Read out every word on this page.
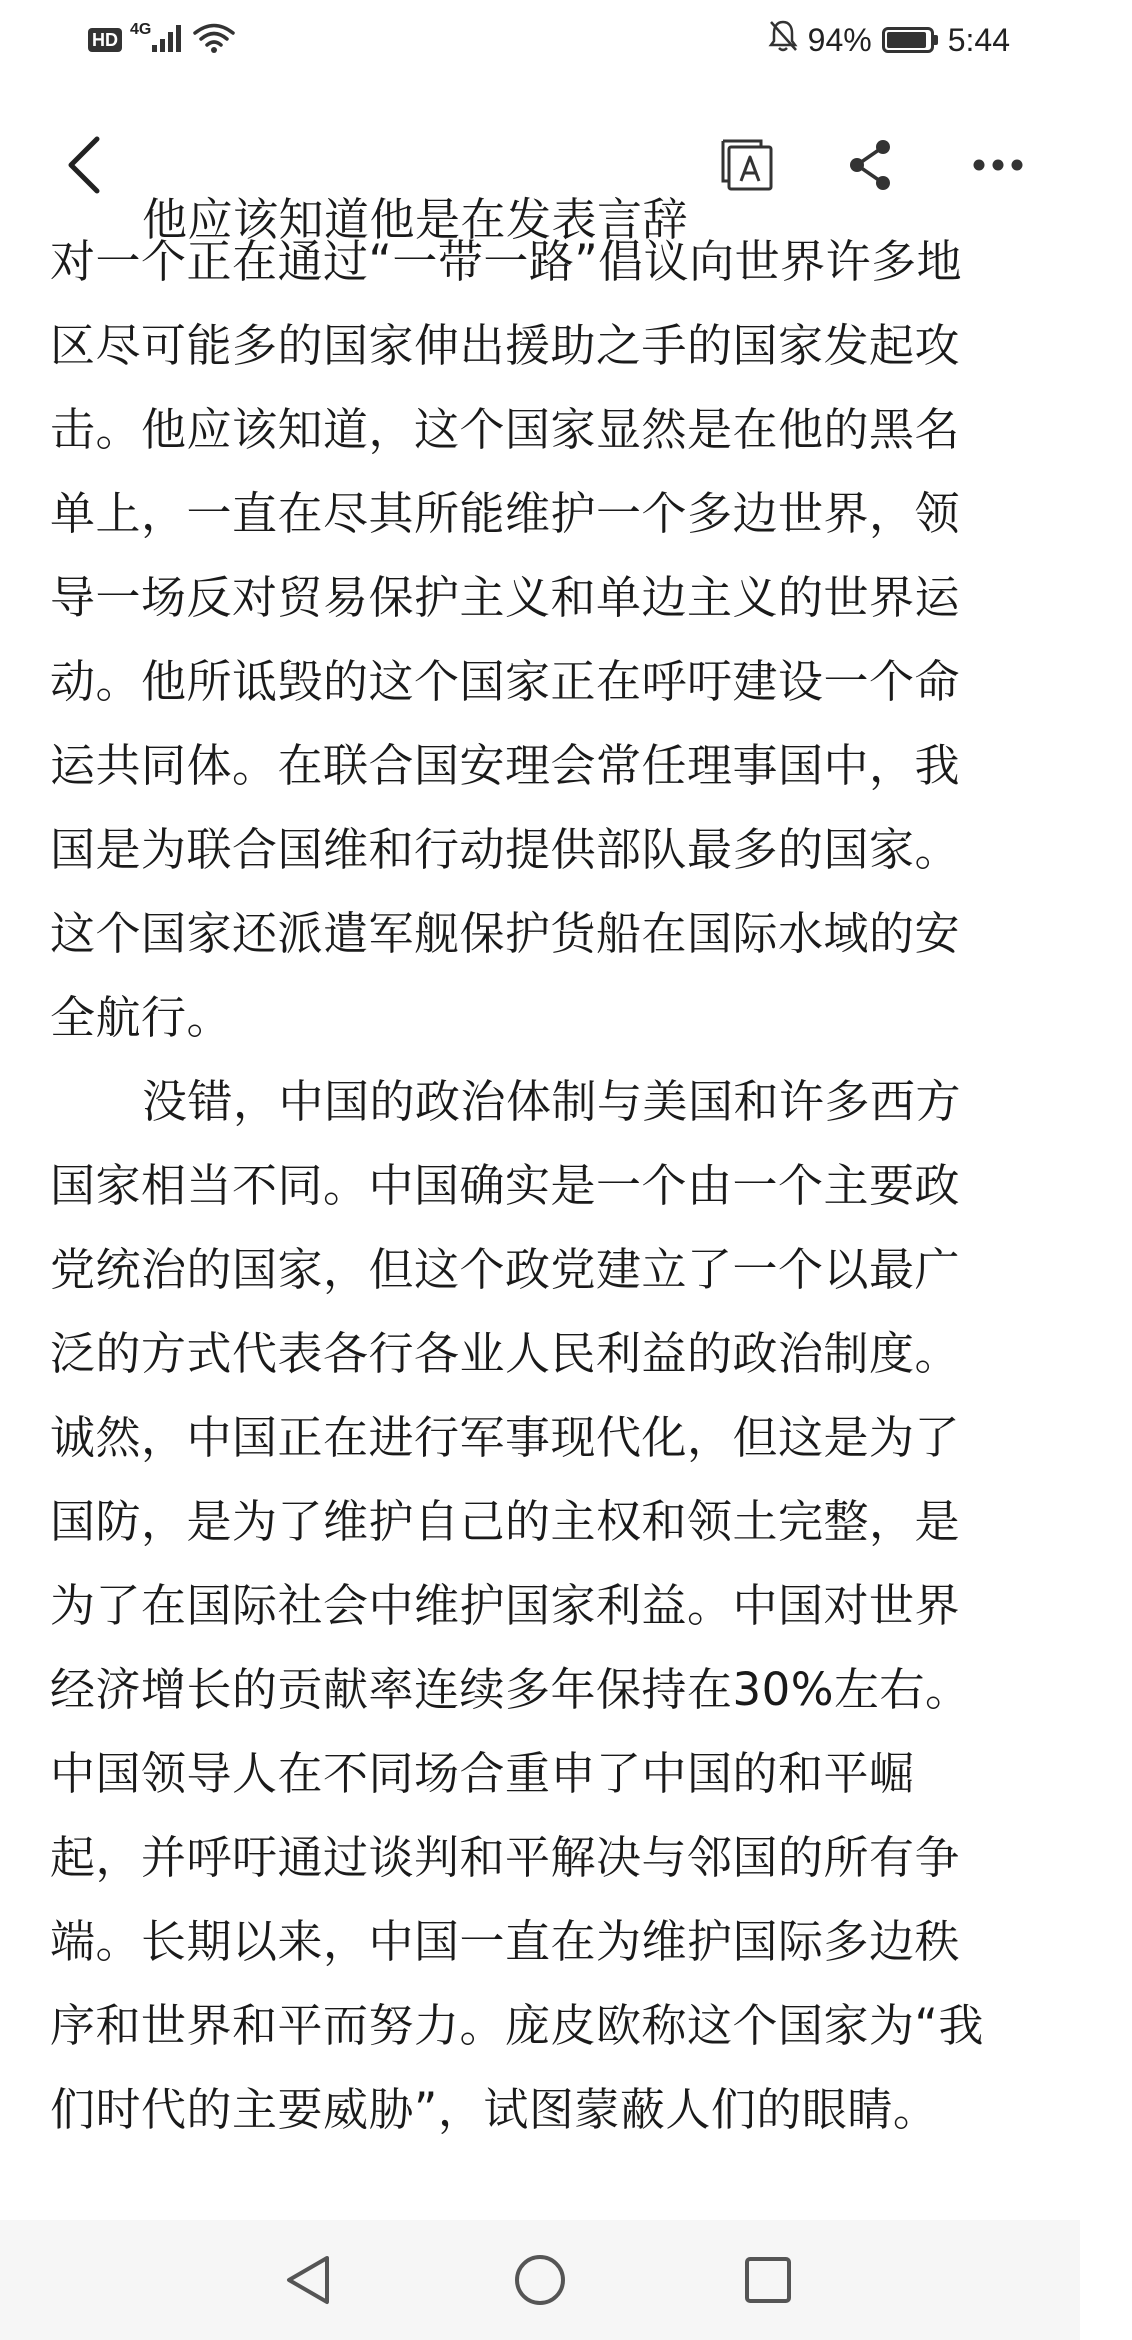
HD
4G	94% 5:44
他应该知道他是在发表言辞
对一个正在通过“一带一路”倡议向世界许多地
区尽可能多的国家伸出援助之手的国家发起攻
击。他应该知道，这个国家显然是在他的黑名
单上，一直在尽其所能维护一个多边世界，领
导一场反对贸易保护主义和单边主义的世界运
动。他所诋毁的这个国家正在呼吁建设一个命
运共同体。在联合国安理会常任理事国中，我
国是为联合国维和行动提供部队最多的国家。
这个国家还派遣军舰保护货船在国际水域的安
全航行。
没错，中国的政治体制与美国和许多西方
国家相当不同。中国确实是一个由一个主要政
党统治的国家，但这个政党建立了一个以最广
泛的方式代表各行各业人民利益的政治制度。
诚然，中国正在进行军事现代化，但这是为了
国防，是为了维护自己的主权和领土完整，是
为了在国际社会中维护国家利益。中国对世界
经济增长的贡献率连续多年保持在30%左右。
中国领导人在不同场合重申了中国的和平崛
起，并呼吁通过谈判和平解决与邻国的所有争
端。长期以来，中国一直在为维护国际多边秩
序和世界和平而努力。庞皮欧称这个国家为“我
们时代的主要威胁”，试图蒙蔽人们的眼睛。
